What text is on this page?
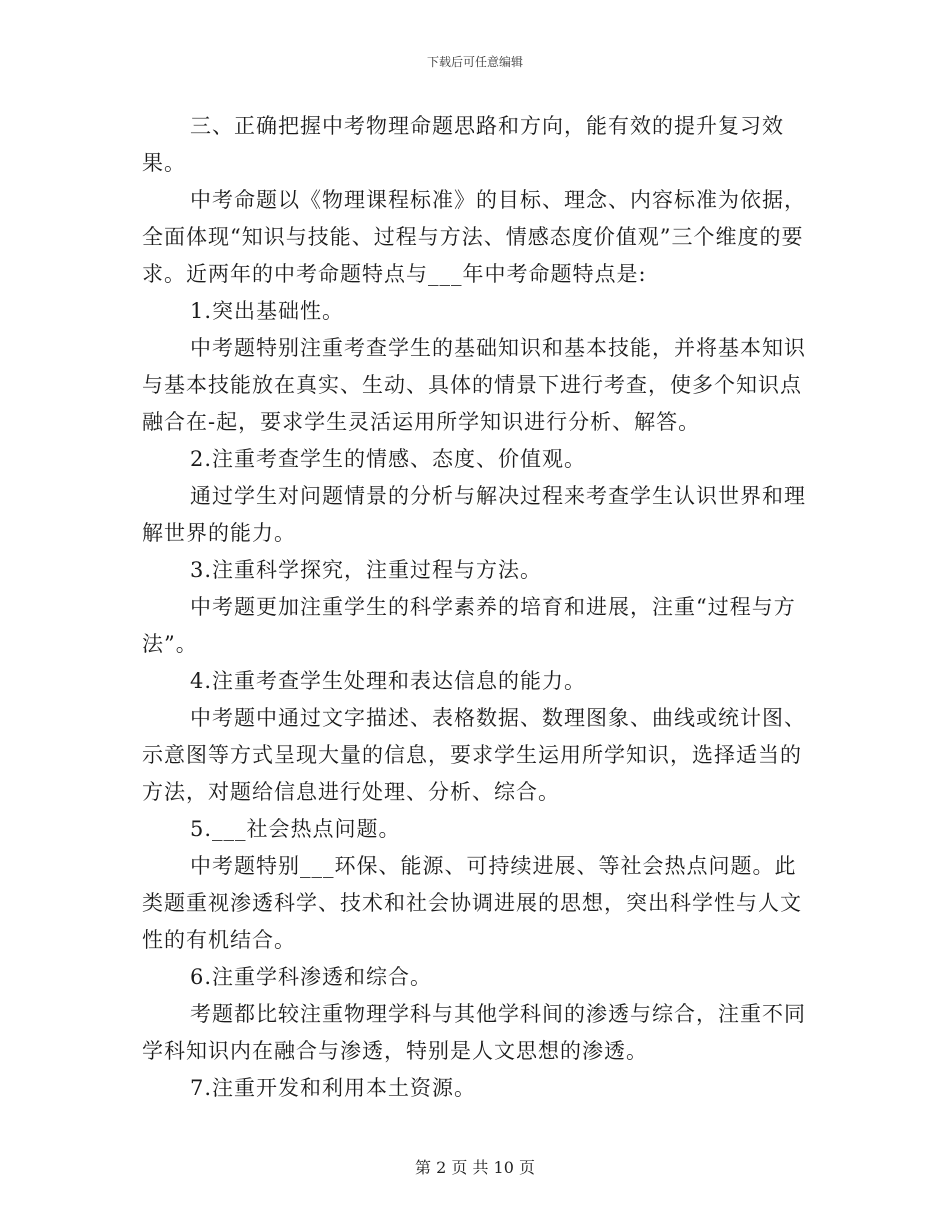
下载后可任意编辑

三、正确把握中考物理命题思路和方向，能有效的提升复习效果。

中考命题以《物理课程标准》的目标、理念、内容标准为依据，全面体现“知识与技能、过程与方法、情感态度价值观”三个维度的要求。近两年的中考命题特点与___年中考命题特点是:

1.突出基础性。

中考题特别注重考查学生的基础知识和基本技能，并将基本知识与基本技能放在真实、生动、具体的情景下进行考查，使多个知识点融合在-起，要求学生灵活运用所学知识进行分析、解答。

2.注重考查学生的情感、态度、价值观。

通过学生对问题情景的分析与解决过程来考查学生认识世界和理解世界的能力。

3.注重科学探究，注重过程与方法。

中考题更加注重学生的科学素养的培育和进展，注重“过程与方法”。

4.注重考查学生处理和表达信息的能力。

中考题中通过文字描述、表格数据、数理图象、曲线或统计图、示意图等方式呈现大量的信息，要求学生运用所学知识，选择适当的方法，对题给信息进行处理、分析、综合。

5.___社会热点问题。

中考题特别___环保、能源、可持续进展、等社会热点问题。此类题重视渗透科学、技术和社会协调进展的思想，突出科学性与人文性的有机结合。

6.注重学科渗透和综合。

考题都比较注重物理学科与其他学科间的渗透与综合，注重不同学科知识内在融合与渗透，特别是人文思想的渗透。

7.注重开发和利用本土资源。

第 2 页 共 10 页
